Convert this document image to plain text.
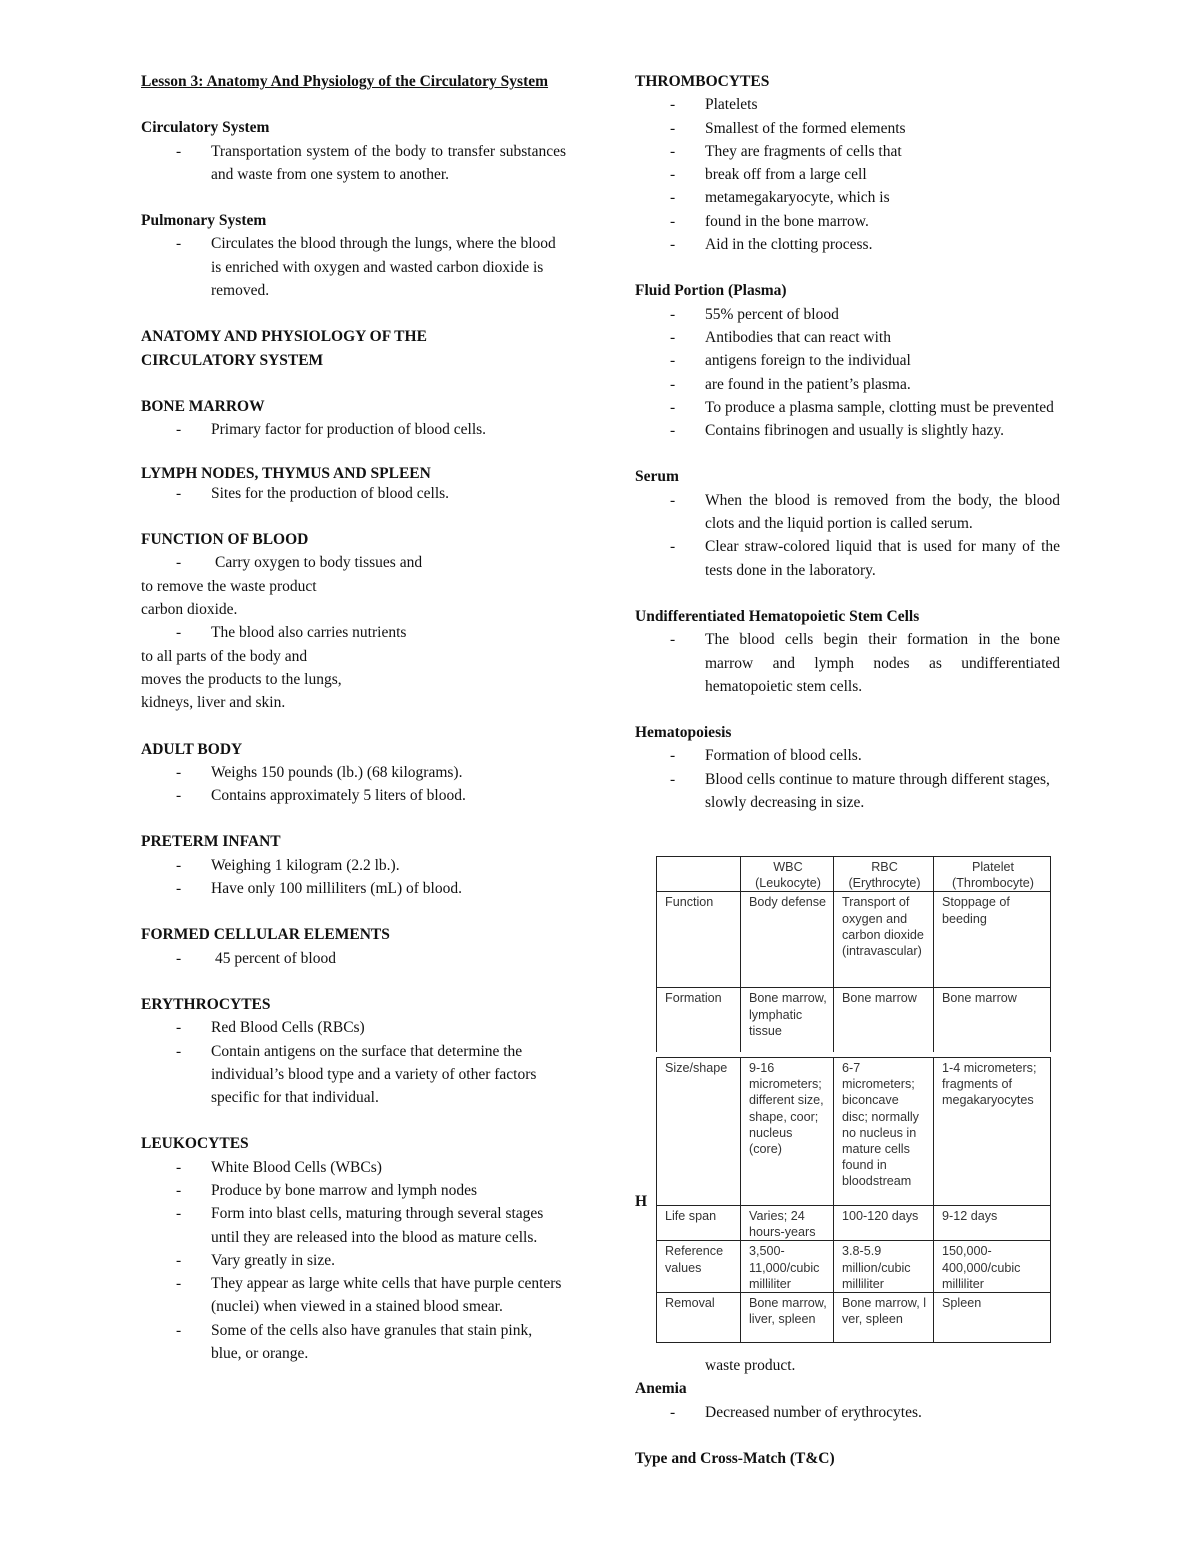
Lesson 3: Anatomy And Physiology of the Circulatory System

Circulatory System

- Transportation system of the body to transfer substances and waste from one system to another.

Pulmonary System

- Circulates the blood through the lungs, where the blood is enriched with oxygen and wasted carbon dioxide is removed.

ANATOMY AND PHYSIOLOGY OF THE

CIRCULATORY SYSTEM

BONE MARROW

- Primary factor for production of blood cells.

LYMPH NODES, THYMUS AND SPLEEN

- Sites for the production of blood cells.

FUNCTION OF BLOOD

- Carry oxygen to body tissues and

to remove the waste product

carbon dioxide.

- The blood also carries nutrients

to all parts of the body and

moves the products to the lungs,

kidneys, liver and skin.

ADULT BODY

- Weighs 150 pounds (lb.) (68 kilograms).
- Contains approximately 5 liters of blood.

PRETERM INFANT

- Weighing 1 kilogram (2.2 lb.).
- Have only 100 milliliters (mL) of blood.

FORMED CELLULAR ELEMENTS

- 45 percent of blood

ERYTHROCYTES

- Red Blood Cells (RBCs)
- Contain antigens on the surface that determine the individual’s blood type and a variety of other factors specific for that individual.

LEUKOCYTES

- White Blood Cells (WBCs)
- Produce by bone marrow and lymph nodes
- Form into blast cells, maturing through several stages until they are released into the blood as mature cells.
- Vary greatly in size.
- They appear as large white cells that have purple centers (nuclei) when viewed in a stained blood smear.
- Some of the cells also have granules that stain pink, blue, or orange.

THROMBOCYTES

- Platelets
- Smallest of the formed elements
- They are fragments of cells that
- break off from a large cell
- metamegakaryocyte, which is
- found in the bone marrow.
- Aid in the clotting process.

Fluid Portion (Plasma)

- 55% percent of blood
- Antibodies that can react with
- antigens foreign to the individual
- are found in the patient’s plasma.
- To produce a plasma sample, clotting must be prevented
- Contains fibrinogen and usually is slightly hazy.

Serum

- When the blood is removed from the body, the blood clots and the liquid portion is called serum.
- Clear straw-colored liquid that is used for many of the tests done in the laboratory.

Undifferentiated Hematopoietic Stem Cells

- The blood cells begin their formation in the bone marrow and lymph nodes as undifferentiated hematopoietic stem cells.

Hematopoiesis

- Formation of blood cells.
- Blood cells continue to mature through different stages, slowly decreasing in size.
	WBC
(Leukocyte)	RBC
(Erythrocyte)	Platelet
(Thrombocyte)
Function	Body defense	Transport of oxygen and carbon dioxide (intravascular)	Stoppage of beeding
Formation	Bone marrow, lymphatic tissue	Bone marrow	Bone marrow
Size/shape	9-16 micrometers; different size, shape, coor; nucleus (core)	6-7 micrometers; biconcave disc; normally no nucleus in mature cells found in bloodstream	1-4 micrometers; fragments of megakaryocytes
Life span	Varies; 24 hours-years	100-120 days	9-12 days
Reference values	3,500-11,000/cubic milliliter	3.8-5.9 million/cubic milliliter	150,000-400,000/cubic milliliter
Removal	Bone marrow, liver, spleen	Bone marrow, l ver, spleen	Spleen
H
waste product.

Anemia

- Decreased number of erythrocytes.

Type and Cross-Match (T&C)
